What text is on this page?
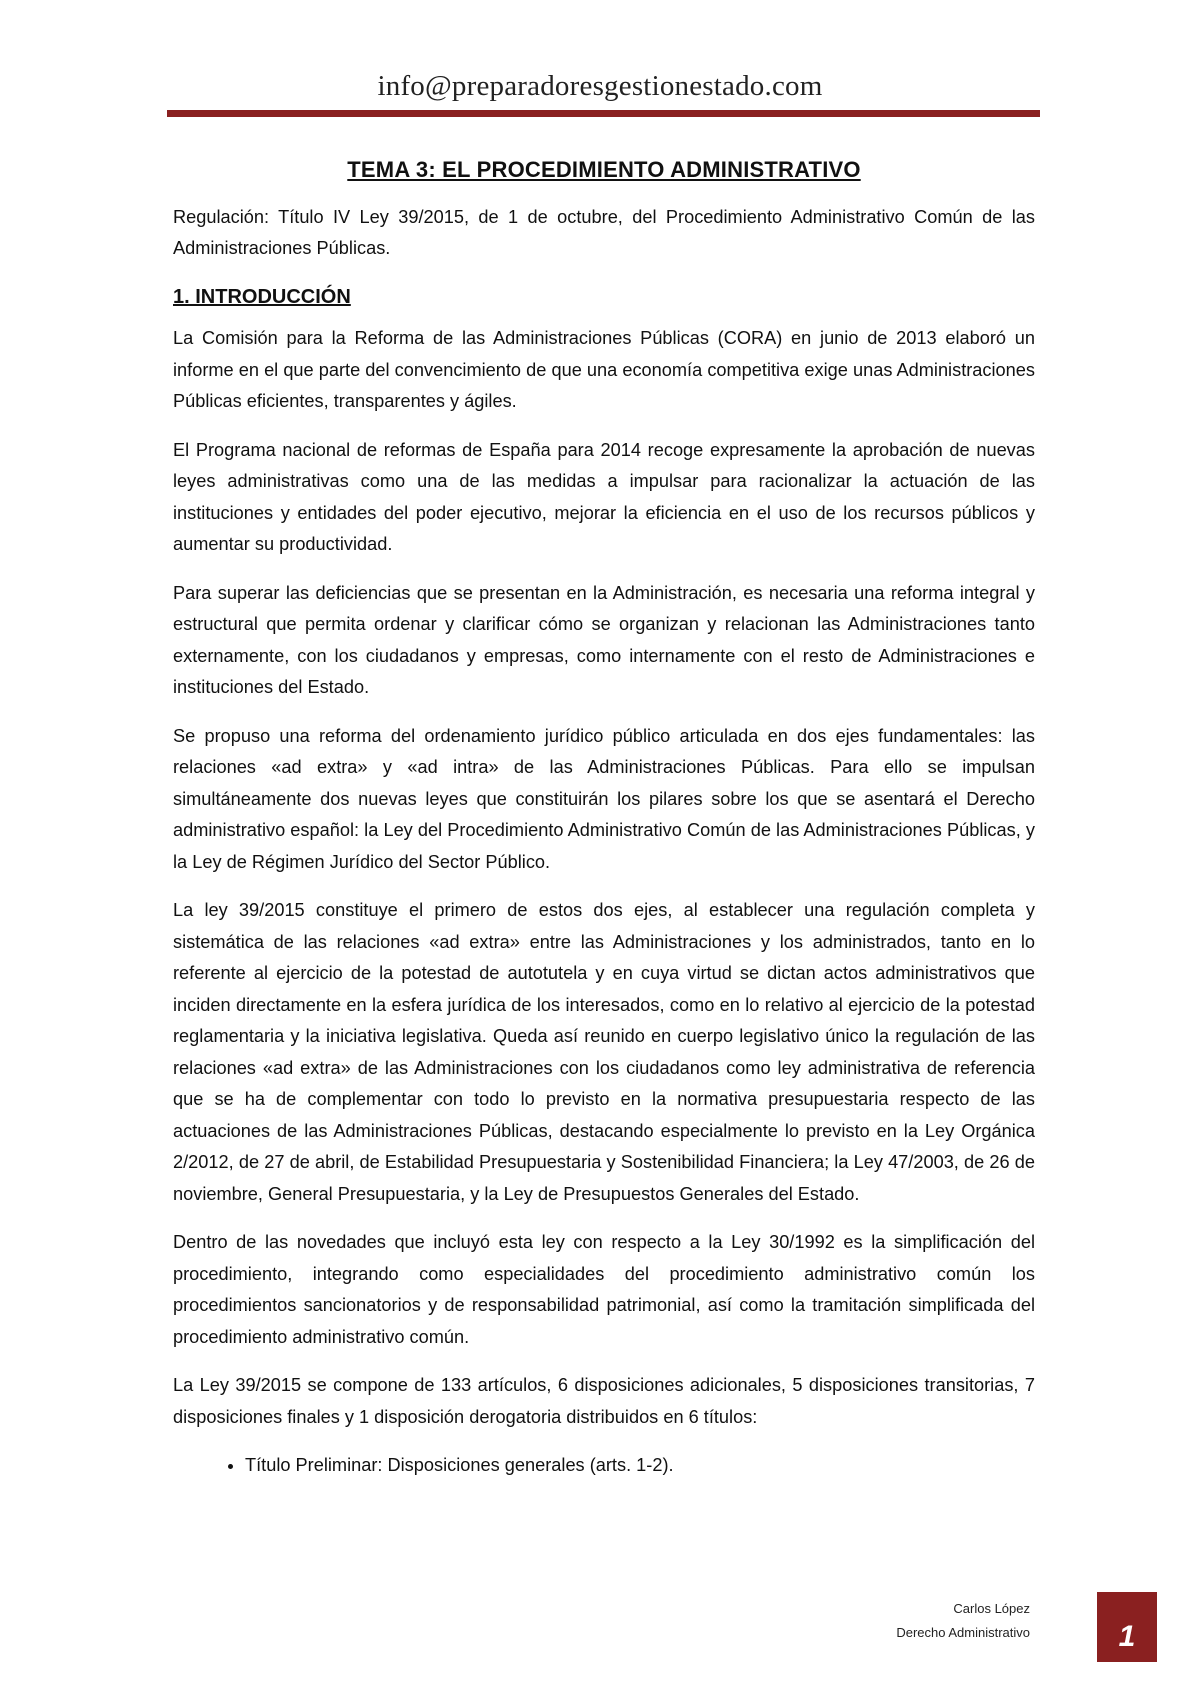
info@preparadoresgestionestado.com
TEMA 3: EL PROCEDIMIENTO ADMINISTRATIVO

Regulación: Título IV Ley 39/2015, de 1 de octubre, del Procedimiento Administrativo Común de las Administraciones Públicas.

1. INTRODUCCIÓN

La Comisión para la Reforma de las Administraciones Públicas (CORA) en junio de 2013 elaboró un informe en el que parte del convencimiento de que una economía competitiva exige unas Administraciones Públicas eficientes, transparentes y ágiles.

El Programa nacional de reformas de España para 2014 recoge expresamente la aprobación de nuevas leyes administrativas como una de las medidas a impulsar para racionalizar la actuación de las instituciones y entidades del poder ejecutivo, mejorar la eficiencia en el uso de los recursos públicos y aumentar su productividad.

Para superar las deficiencias que se presentan en la Administración, es necesaria una reforma integral y estructural que permita ordenar y clarificar cómo se organizan y relacionan las Administraciones tanto externamente, con los ciudadanos y empresas, como internamente con el resto de Administraciones e instituciones del Estado.

Se propuso una reforma del ordenamiento jurídico público articulada en dos ejes fundamentales: las relaciones «ad extra» y «ad intra» de las Administraciones Públicas. Para ello se impulsan simultáneamente dos nuevas leyes que constituirán los pilares sobre los que se asentará el Derecho administrativo español: la Ley del Procedimiento Administrativo Común de las Administraciones Públicas, y la Ley de Régimen Jurídico del Sector Público.

La ley 39/2015 constituye el primero de estos dos ejes, al establecer una regulación completa y sistemática de las relaciones «ad extra» entre las Administraciones y los administrados, tanto en lo referente al ejercicio de la potestad de autotutela y en cuya virtud se dictan actos administrativos que inciden directamente en la esfera jurídica de los interesados, como en lo relativo al ejercicio de la potestad reglamentaria y la iniciativa legislativa. Queda así reunido en cuerpo legislativo único la regulación de las relaciones «ad extra» de las Administraciones con los ciudadanos como ley administrativa de referencia que se ha de complementar con todo lo previsto en la normativa presupuestaria respecto de las actuaciones de las Administraciones Públicas, destacando especialmente lo previsto en la Ley Orgánica 2/2012, de 27 de abril, de Estabilidad Presupuestaria y Sostenibilidad Financiera; la Ley 47/2003, de 26 de noviembre, General Presupuestaria, y la Ley de Presupuestos Generales del Estado.

Dentro de las novedades que incluyó esta ley con respecto a la Ley 30/1992 es la simplificación del procedimiento, integrando como especialidades del procedimiento administrativo común los procedimientos sancionatorios y de responsabilidad patrimonial, así como la tramitación simplificada del procedimiento administrativo común.

La Ley 39/2015 se compone de 133 artículos, 6 disposiciones adicionales, 5 disposiciones transitorias, 7 disposiciones finales y 1 disposición derogatoria distribuidos en 6 títulos:

• Título Preliminar: Disposiciones generales (arts. 1-2).
Carlos López
Derecho Administrativo	1
